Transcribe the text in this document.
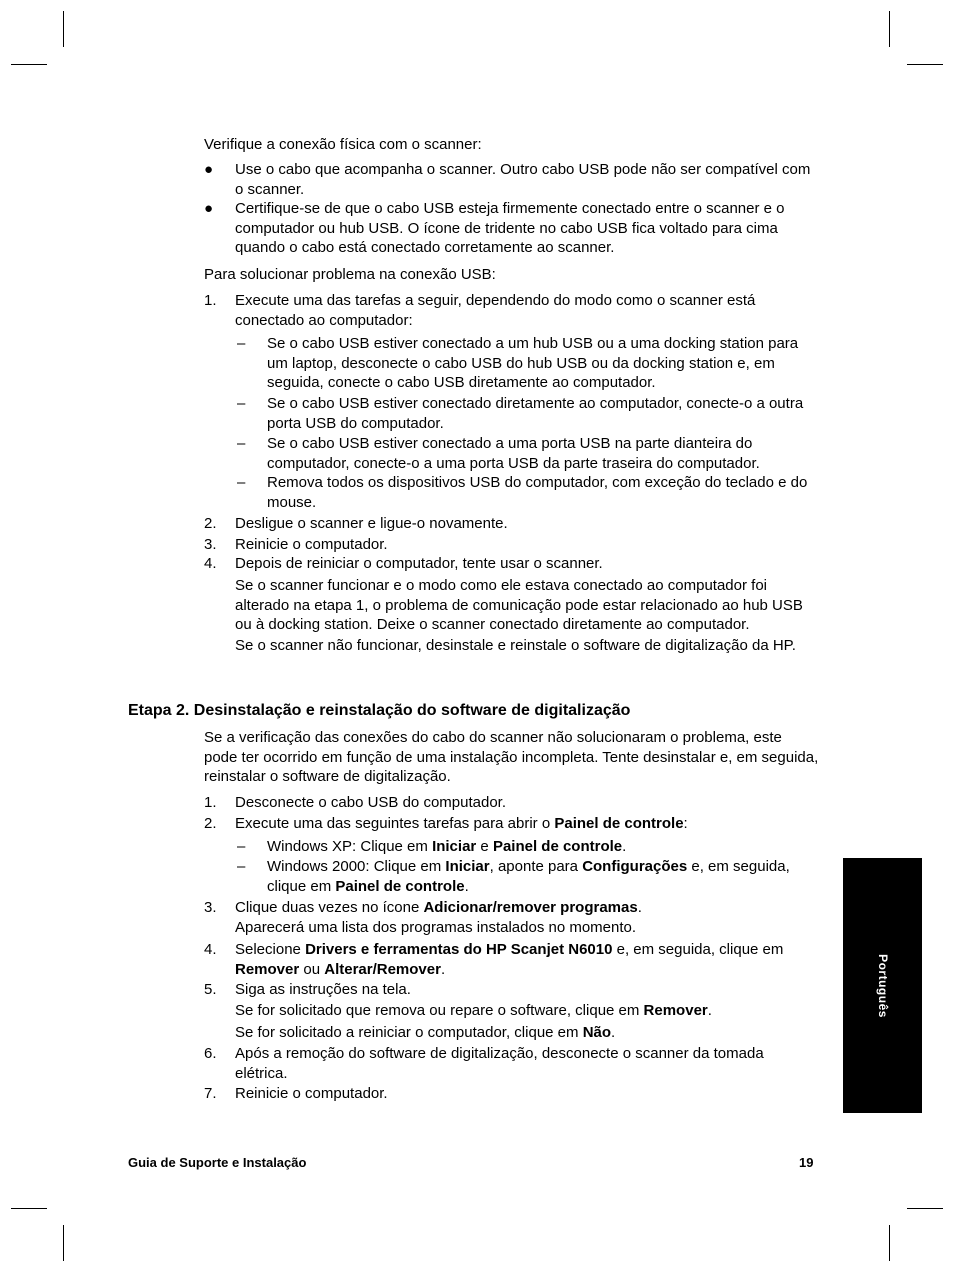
Verifique a conexão física com o scanner:

● Use o cabo que acompanha o scanner. Outro cabo USB pode não ser compatível com o scanner.

● Certifique-se de que o cabo USB esteja firmemente conectado entre o scanner e o computador ou hub USB. O ícone de tridente no cabo USB fica voltado para cima quando o cabo está conectado corretamente ao scanner.

Para solucionar problema na conexão USB:

1. Execute uma das tarefas a seguir, dependendo do modo como o scanner está conectado ao computador:

– Se o cabo USB estiver conectado a um hub USB ou a uma docking station para um laptop, desconecte o cabo USB do hub USB ou da docking station e, em seguida, conecte o cabo USB diretamente ao computador.

– Se o cabo USB estiver conectado diretamente ao computador, conecte-o a outra porta USB do computador.

– Se o cabo USB estiver conectado a uma porta USB na parte dianteira do computador, conecte-o a uma porta USB da parte traseira do computador.

– Remova todos os dispositivos USB do computador, com exceção do teclado e do mouse.

2. Desligue o scanner e ligue-o novamente.

3. Reinicie o computador.

4. Depois de reiniciar o computador, tente usar o scanner.

Se o scanner funcionar e o modo como ele estava conectado ao computador foi alterado na etapa 1, o problema de comunicação pode estar relacionado ao hub USB ou à docking station. Deixe o scanner conectado diretamente ao computador.

Se o scanner não funcionar, desinstale e reinstale o software de digitalização da HP.

Etapa 2. Desinstalação e reinstalação do software de digitalização

Se a verificação das conexões do cabo do scanner não solucionaram o problema, este pode ter ocorrido em função de uma instalação incompleta. Tente desinstalar e, em seguida, reinstalar o software de digitalização.

1. Desconecte o cabo USB do computador.

2. Execute uma das seguintes tarefas para abrir o Painel de controle:

– Windows XP: Clique em Iniciar e Painel de controle.

– Windows 2000: Clique em Iniciar, aponte para Configurações e, em seguida, clique em Painel de controle.

3. Clique duas vezes no ícone Adicionar/remover programas.

Aparecerá uma lista dos programas instalados no momento.

4. Selecione Drivers e ferramentas do HP Scanjet N6010 e, em seguida, clique em Remover ou Alterar/Remover.

5. Siga as instruções na tela.

Se for solicitado que remova ou repare o software, clique em Remover.

Se for solicitado a reiniciar o computador, clique em Não.

6. Após a remoção do software de digitalização, desconecte o scanner da tomada elétrica.

7. Reinicie o computador.

Português
Guia de Suporte e Instalação	19
